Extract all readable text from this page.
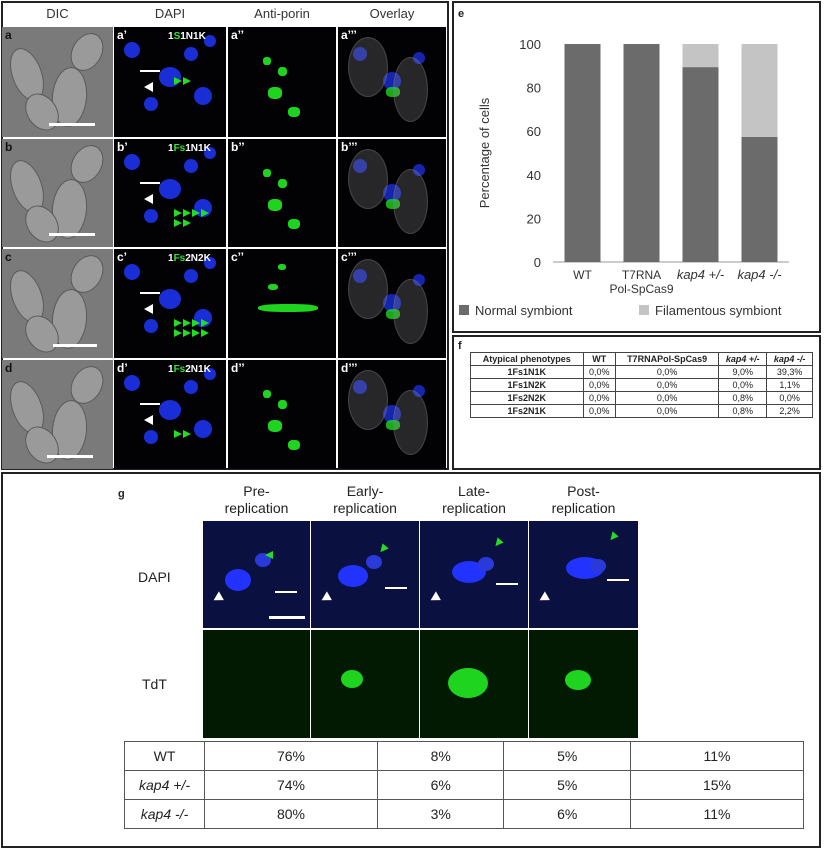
DIC	DAPI	Anti-porin	Overlay
a	1S1N1K
a’	a’’	a’’’
b	1Fs1N1K
b’	b’’	b’’’
c	1Fs2N2K
c’	c’’	c’’’
d	1Fs2N1K
d’	d’’	d’’’
e
0
20
40
60
80
100
Percentage of cells
WT	T7RNA
Pol-SpCas9
kap4 +/- kap4 -/-
Normal symbiont	Filamentous symbiont
f
Atypical phenotypes	WT	T7RNAPol-SpCas9	kap4 +/-	kap4 -/-
1Fs1N1K	0,0%	0,0%	9,0%	39,3%
1Fs1N2K	0,0%	0,0%	0,0%	1,1%
1Fs2N2K	0,0%	0,0%	0,8%	0,0%
1Fs2N1K	0,0%	0,0%	0,8%	2,2%
g	Pre-
replication
Early-
replication
Late-
replication
Post-
replication
DAPI
TdT
WT	76%	8%	5%	11%
kap4 +/-	74%	6%	5%	15%
kap4 -/-	80%	3%	6%	11%
